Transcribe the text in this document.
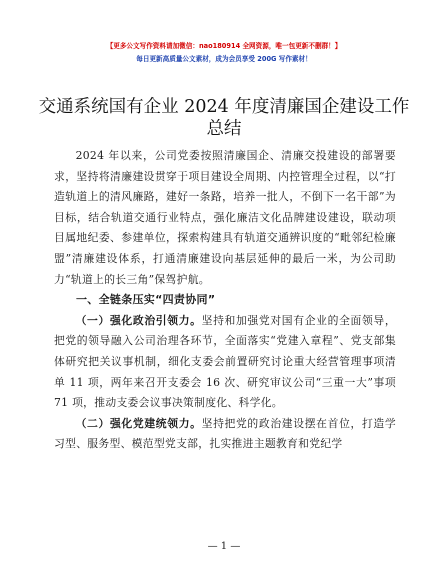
【更多公文写作资料请加微信：nao180914 全网资源，唯一包更新不删群！】
每日更新高质量公文素材，成为会员享受 200G 写作素材！
交通系统国有企业 2024 年度清廉国企建设工作
总结

2024 年以来，公司党委按照清廉国企、清廉交投建设的部署要求，坚持将清廉建设贯穿于项目建设全周期、内控管理全过程，以“打造轨道上的清风廉路，建好一条路，培养一批人，不倒下一名干部”为目标，结合轨道交通行业特点，强化廉洁文化品牌建设建设，联动项目属地纪委、参建单位，探索构建具有轨道交通辨识度的“毗邻纪检廉盟”清廉建设体系，打通清廉建设向基层延伸的最后一米，为公司助力“轨道上的长三角”保驾护航。

一、全链条压实“四责协同”

（一）强化政治引领力。坚持和加强党对国有企业的全面领导，把党的领导融入公司治理各环节，全面落实“党建入章程”、党支部集体研究把关议事机制，细化支委会前置研究讨论重大经营管理事项清单 11 项，两年来召开支委会 16 次、研究审议公司“三重一大”事项 71 项，推动支委会议事决策制度化、科学化。

（二）强化党建统领力。坚持把党的政治建设摆在首位，打造学习型、服务型、模范型党支部，扎实推进主题教育和党纪学

— 1 —
